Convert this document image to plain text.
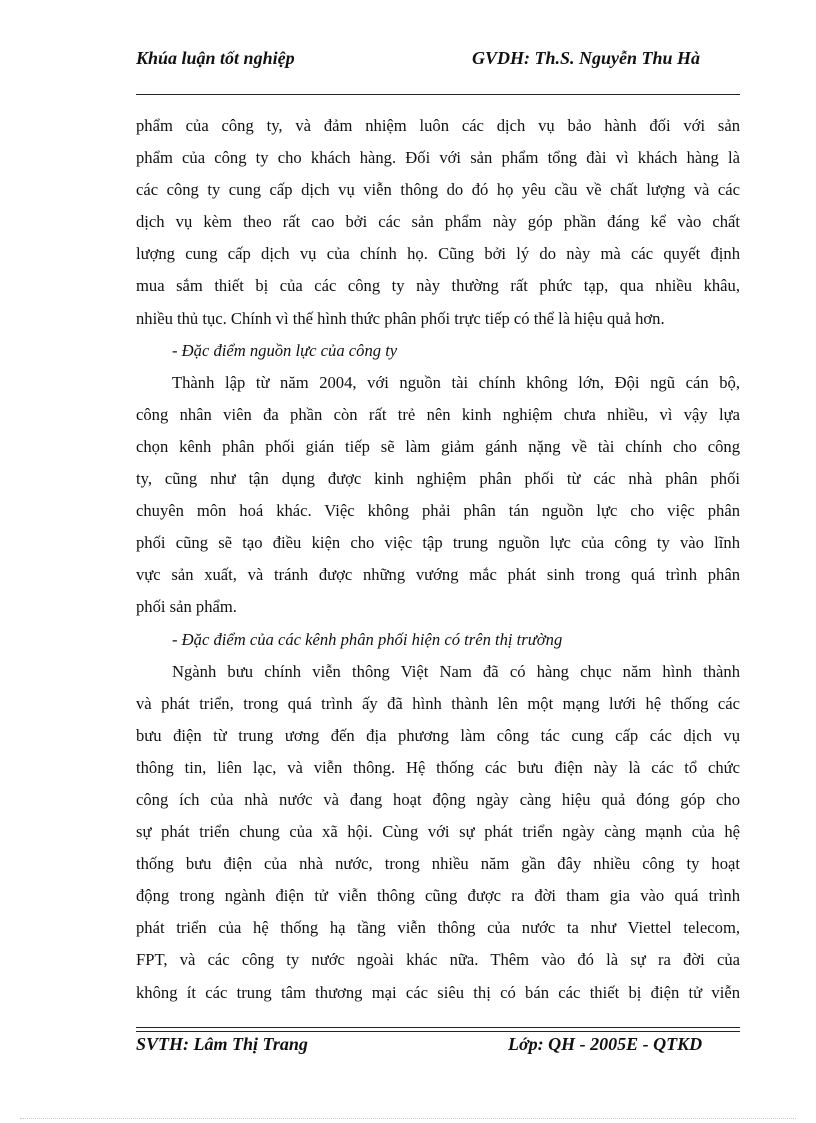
Khúa luận tốt nghiệp	GVDH: Th.S. Nguyễn Thu Hà
phẩm của công ty, và đảm nhiệm luôn các dịch vụ bảo hành đối với sản
phẩm của công ty cho khách hàng. Đối với sản phẩm tổng đài vì khách hàng là
các công ty cung cấp dịch vụ viễn thông do đó họ yêu cầu về chất lượng và các
dịch vụ kèm theo rất cao bởi các sản phẩm này góp phần đáng kể vào chất
lượng cung cấp dịch vụ của chính họ. Cũng bởi lý do này mà các quyết định
mua sắm thiết bị của các công ty này thường rất phức tạp, qua nhiều khâu,
nhiều thủ tục. Chính vì thế hình thức phân phối trực tiếp có thể là hiệu quả hơn.
- Đặc điểm nguồn lực của công ty
Thành lập từ năm 2004, với nguồn tài chính không lớn, Đội ngũ cán bộ,
công nhân viên đa phần còn rất trẻ nên kinh nghiệm chưa nhiều, vì vậy lựa
chọn kênh phân phối gián tiếp sẽ làm giảm gánh nặng về tài chính cho công
ty, cũng như tận dụng được kinh nghiệm phân phối từ các nhà phân phối
chuyên môn hoá khác. Việc không phải phân tán nguồn lực cho việc phân
phối cũng sẽ tạo điều kiện cho việc tập trung nguồn lực của công ty vào lĩnh
vực sản xuất, và tránh được những vướng mắc phát sinh trong quá trình phân
phối sản phẩm.
- Đặc điểm của các kênh phân phối hiện có trên thị trường
Ngành bưu chính viễn thông Việt Nam đã có hàng chục năm hình thành
và phát triển, trong quá trình ấy đã hình thành lên một mạng lưới hệ thống các
bưu điện từ trung ương đến địa phương làm công tác cung cấp các dịch vụ
thông tin, liên lạc, và viễn thông. Hệ thống các bưu điện này là các tổ chức
công ích của nhà nước và đang hoạt động ngày càng hiệu quả đóng góp cho
sự phát triển chung của xã hội. Cùng với sự phát triển ngày càng mạnh của hệ
thống bưu điện của nhà nước, trong nhiều năm gần đây nhiều công ty hoạt
động trong ngành điện tử viễn thông cũng được ra đời tham gia vào quá trình
phát triển của hệ thống hạ tầng viễn thông của nước ta như Viettel telecom,
FPT, và các công ty nước ngoài khác nữa. Thêm vào đó là sự ra đời của
không ít các trung tâm thương mại các siêu thị có bán các thiết bị điện tử viễn
SVTH: Lâm Thị Trang	Lớp: QH - 2005E - QTKD
